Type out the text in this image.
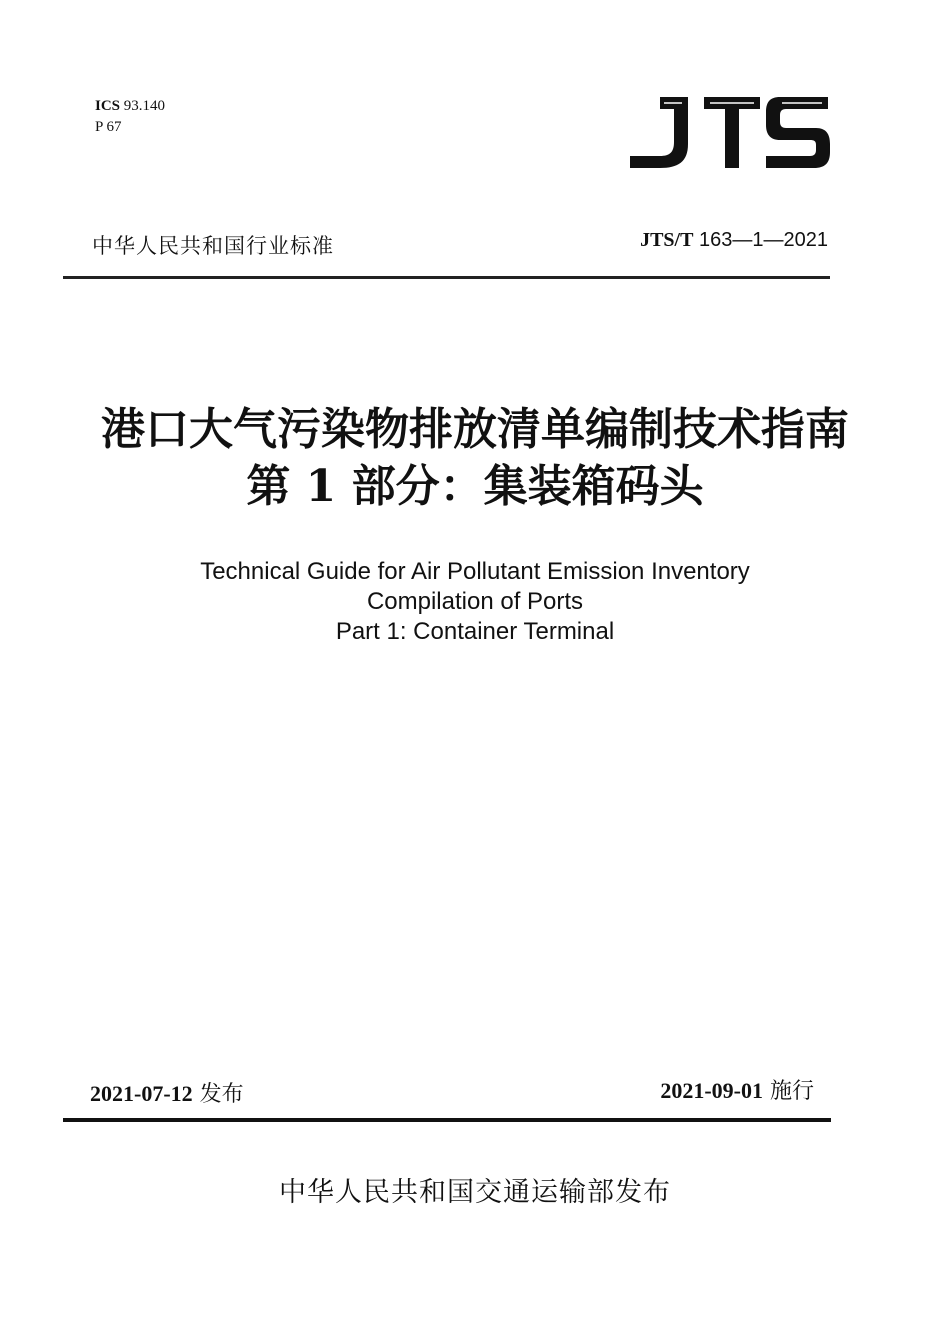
ICS 93.140
P 67
中华人民共和国行业标准	JTS/T 163—1—2021
港口大气污染物排放清单编制技术指南
第 1 部分：集装箱码头
Technical Guide for Air Pollutant Emission Inventory
Compilation of Ports
Part 1: Container Terminal
2021-07-12 发布	2021-09-01 施行
中华人民共和国交通运输部发布
